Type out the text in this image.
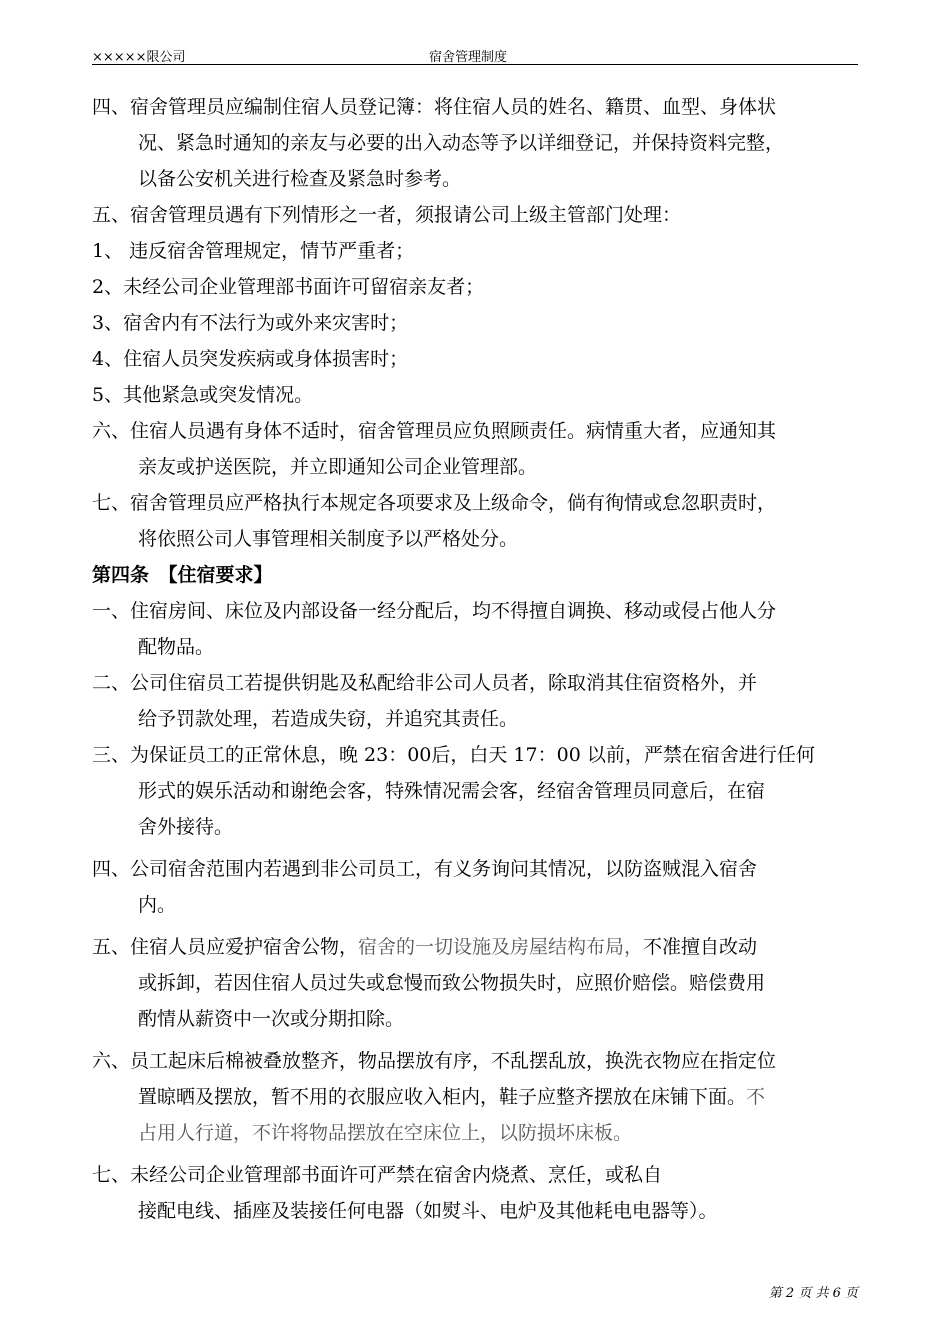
×××××限公司	宿舍管理制度
四、宿舍管理员应编制住宿人员登记簿：将住宿人员的姓名、籍贯、血型、身体状
况、紧急时通知的亲友与必要的出入动态等予以详细登记，并保持资料完整，
以备公安机关进行检查及紧急时参考。
五、宿舍管理员遇有下列情形之一者，须报请公司上级主管部门处理：
1、 违反宿舍管理规定，情节严重者；
2、未经公司企业管理部书面许可留宿亲友者；
3、宿舍内有不法行为或外来灾害时；
4、住宿人员突发疾病或身体损害时；
5、其他紧急或突发情况。
六、住宿人员遇有身体不适时，宿舍管理员应负照顾责任。病情重大者，应通知其
亲友或护送医院，并立即通知公司企业管理部。
七、宿舍管理员应严格执行本规定各项要求及上级命令，倘有徇情或怠忽职责时，
将依照公司人事管理相关制度予以严格处分。
第四条　【住宿要求】
一、住宿房间、床位及内部设备一经分配后，均不得擅自调换、移动或侵占他人分
配物品。
二、公司住宿员工若提供钥匙及私配给非公司人员者，除取消其住宿资格外，并
给予罚款处理，若造成失窃，并追究其责任。
三、为保证员工的正常休息，晚 23：00后，白天 17：00 以前，严禁在宿舍进行任何
形式的娱乐活动和谢绝会客，特殊情况需会客，经宿舍管理员同意后，在宿
舍外接待。
四、公司宿舍范围内若遇到非公司员工，有义务询问其情况，以防盗贼混入宿舍
内。
五、住宿人员应爱护宿舍公物，宿舍的一切设施及房屋结构布局，不准擅自改动
或拆卸，若因住宿人员过失或怠慢而致公物损失时，应照价赔偿。赔偿费用
酌情从薪资中一次或分期扣除。
六、员工起床后棉被叠放整齐，物品摆放有序，不乱摆乱放，换洗衣物应在指定位
置晾晒及摆放，暂不用的衣服应收入柜内，鞋子应整齐摆放在床铺下面。不
占用人行道，不许将物品摆放在空床位上，以防损坏床板。
七、未经公司企业管理部书面许可严禁在宿舍内烧煮、烹任，或私自
接配电线、插座及装接任何电器（如熨斗、电炉及其他耗电电器等）。
第 2 页 共 6 页
